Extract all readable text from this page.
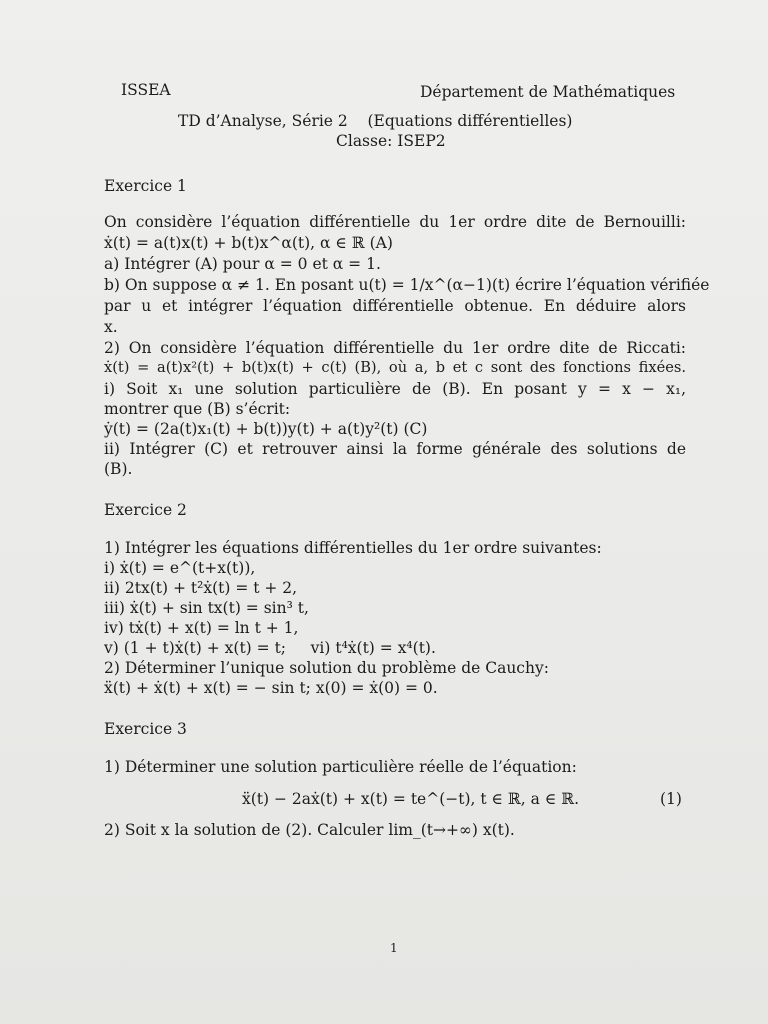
ISSEA	Département de Mathématiques
TD d’Analyse, Série 2    (Equations différentielles)
Classe: ISEP2
Exercice 1
On considère l’équation différentielle du 1er ordre dite de Bernouilli:
ẋ(t) = a(t)x(t) + b(t)x^α(t), α ∈ ℝ (A)
a) Intégrer (A) pour α = 0 et α = 1.
b) On suppose α ≠ 1. En posant u(t) = 1/x^(α−1)(t) écrire l’équation vérifiée
par u et intégrer l’équation différentielle obtenue. En déduire alors
x.
2) On considère l’équation différentielle du 1er ordre dite de Riccati:
ẋ(t) = a(t)x²(t) + b(t)x(t) + c(t) (B), où a, b et c sont des fonctions fixées.
i) Soit x₁ une solution particulière de (B). En posant y = x − x₁,
montrer que (B) s’écrit:
ẏ(t) = (2a(t)x₁(t) + b(t))y(t) + a(t)y²(t) (C)
ii) Intégrer (C) et retrouver ainsi la forme générale des solutions de
(B).
Exercice 2
1) Intégrer les équations différentielles du 1er ordre suivantes:
i) ẋ(t) = e^(t+x(t)),
ii) 2tx(t) + t²ẋ(t) = t + 2,
iii) ẋ(t) + sin tx(t) = sin³ t,
iv) tẋ(t) + x(t) = ln t + 1,
v) (1 + t)ẋ(t) + x(t) = t;     vi) t⁴ẋ(t) = x⁴(t).
2) Déterminer l’unique solution du problème de Cauchy:
ẍ(t) + ẋ(t) + x(t) = − sin t; x(0) = ẋ(0) = 0.
Exercice 3
1) Déterminer une solution particulière réelle de l’équation:
ẍ(t) − 2aẋ(t) + x(t) = te^(−t), t ∈ ℝ, a ∈ ℝ.	(1)
2) Soit x la solution de (2). Calculer lim_(t→+∞) x(t).
1
